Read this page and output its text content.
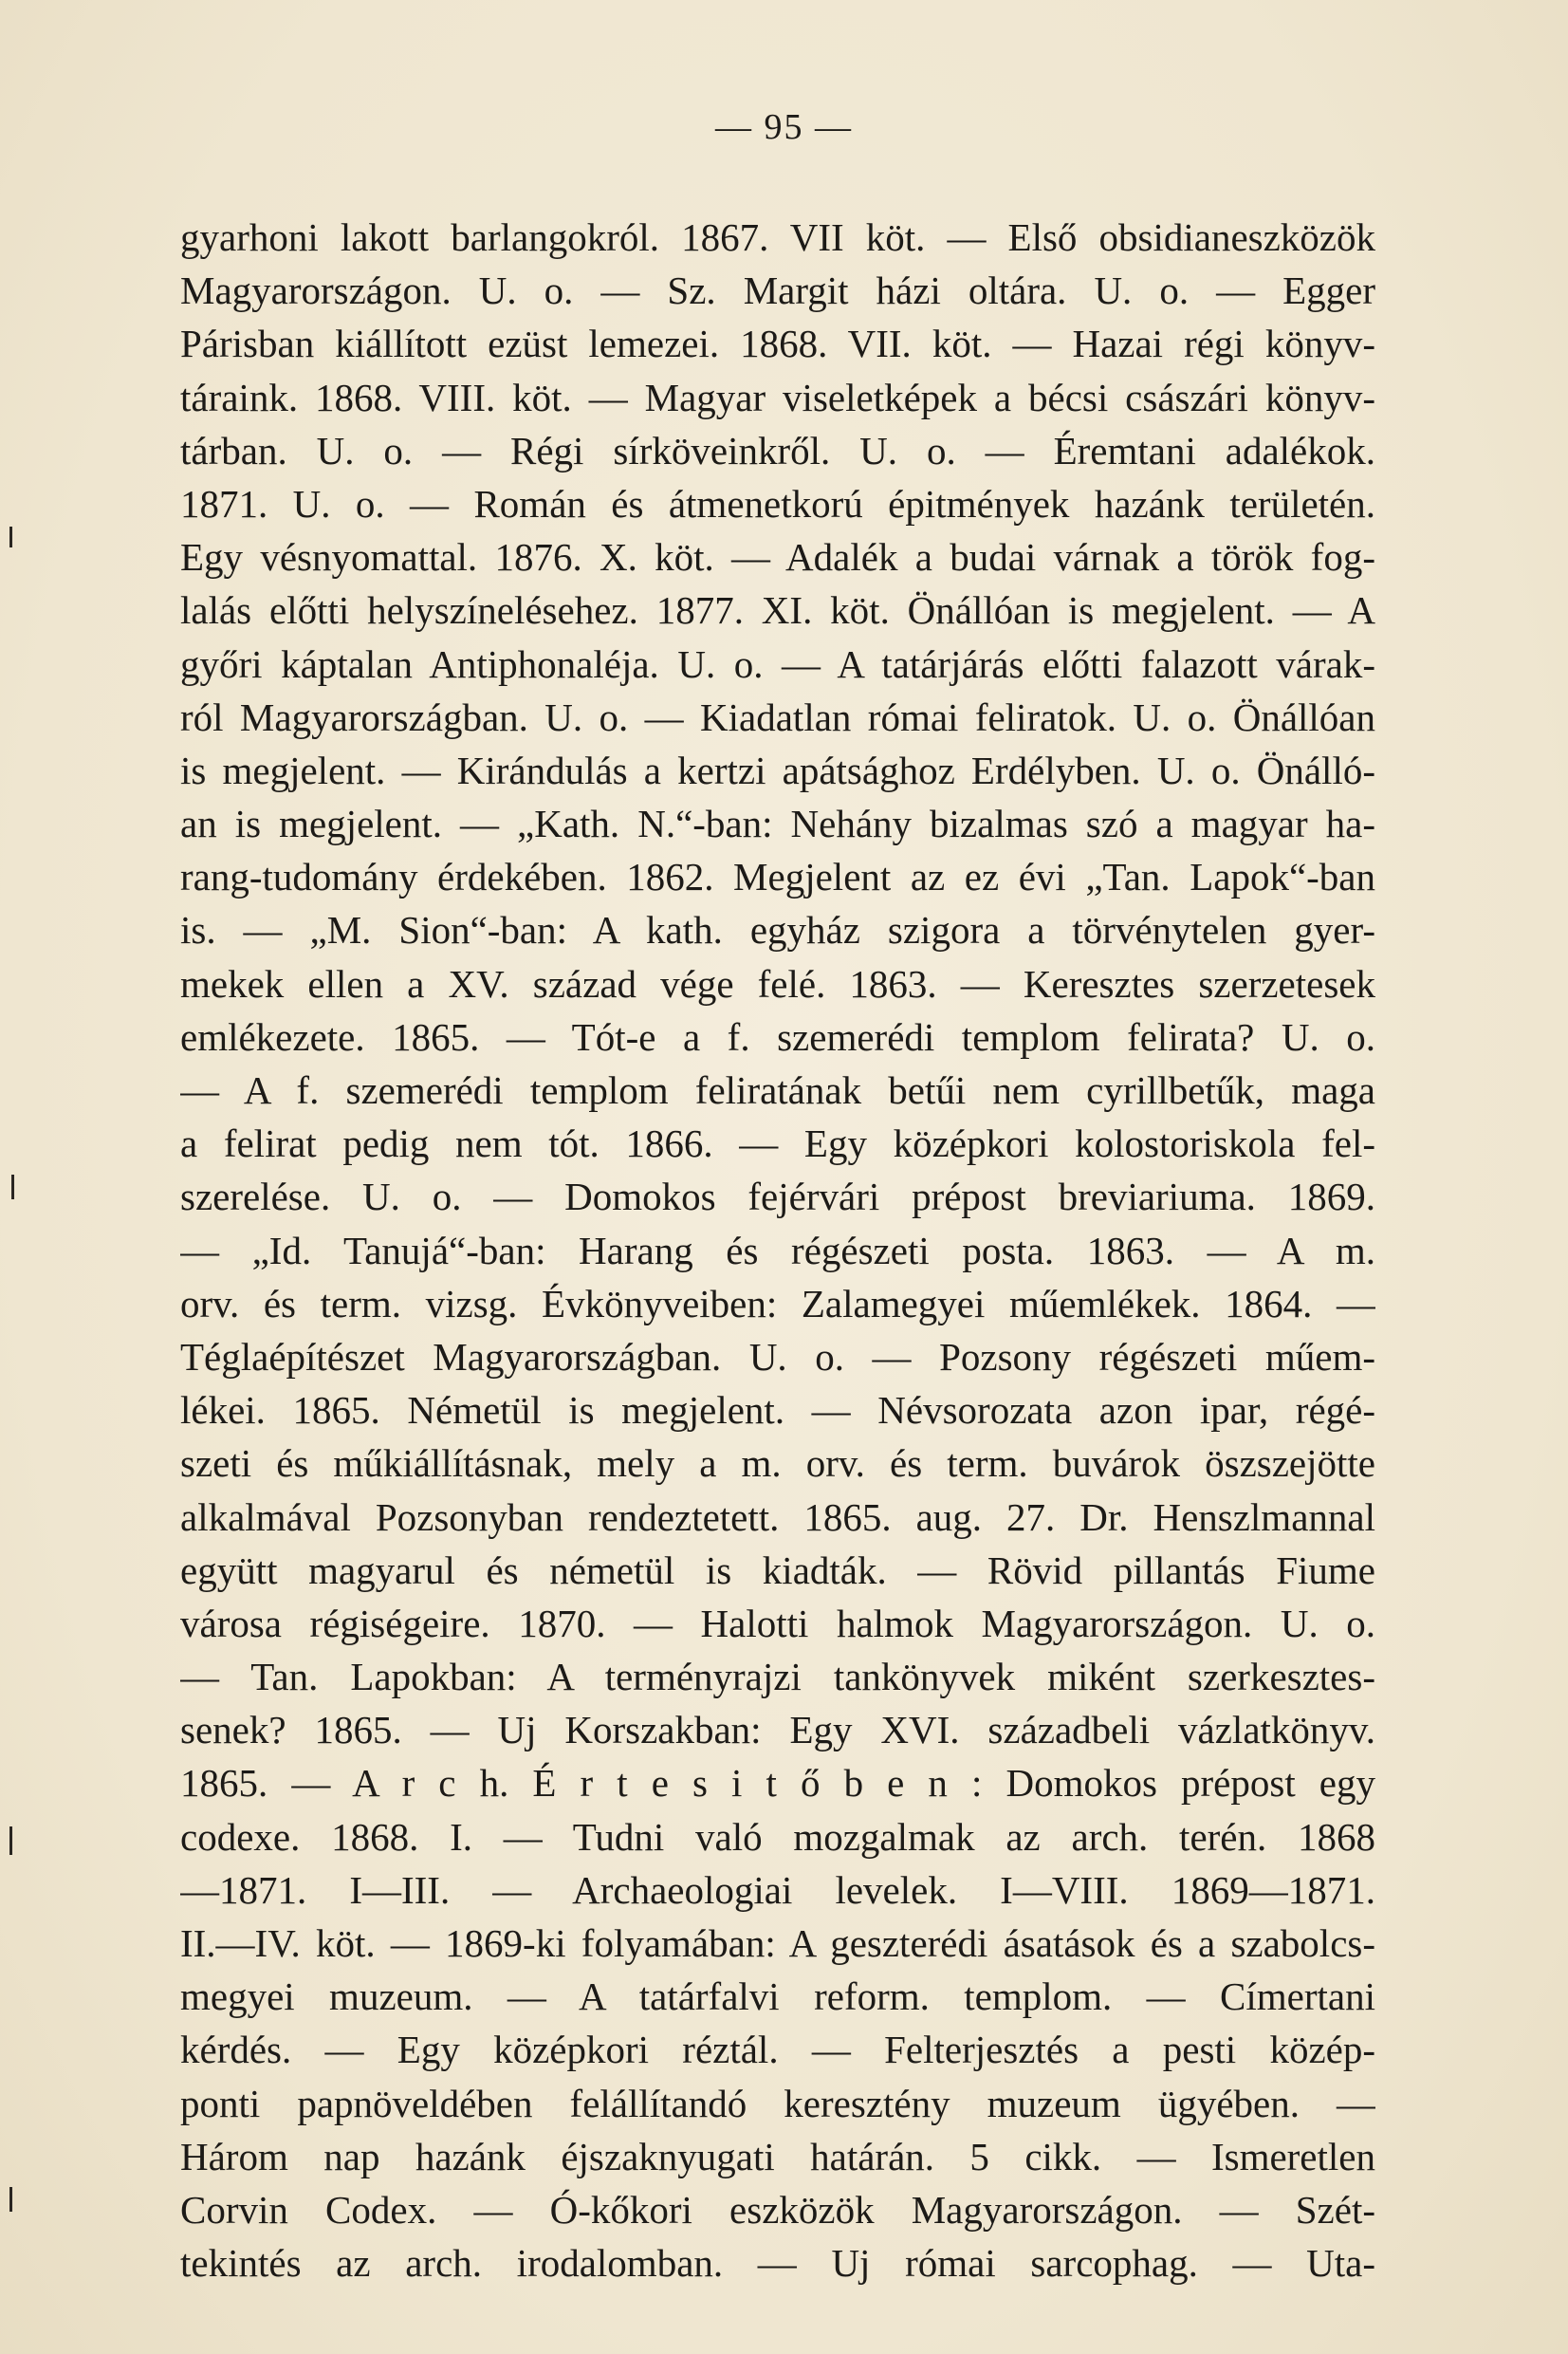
— 95 —
gyarhoni lakott barlangokról. 1867. VII köt. — Első obsidianeszközök
Magyarországon. U. o. — Sz. Margit házi oltára. U. o. — Egger
Párisban kiállított ezüst lemezei. 1868. VII. köt. — Hazai régi könyv-
táraink. 1868. VIII. köt. — Magyar viseletképek a bécsi császári könyv-
tárban. U. o. — Régi sírköveinkről. U. o. — Éremtani adalékok.
1871. U. o. — Román és átmenetkorú épitmények hazánk területén.
Egy vésnyomattal. 1876. X. köt. — Adalék a budai várnak a török fog-
lalás előtti helyszínelésehez. 1877. XI. köt. Önállóan is megjelent. — A
győri káptalan Antiphonaléja. U. o. — A tatárjárás előtti falazott várak-
ról Magyarországban. U. o. — Kiadatlan római feliratok. U. o. Önállóan
is megjelent. — Kirándulás a kertzi apátsághoz Erdélyben. U. o. Önálló-
an is megjelent. — „Kath. N.“-ban: Nehány bizalmas szó a magyar ha-
rang-tudomány érdekében. 1862. Megjelent az ez évi „Tan. Lapok“-ban
is. — „M. Sion“-ban: A kath. egyház szigora a törvénytelen gyer-
mekek ellen a XV. század vége felé. 1863. — Keresztes szerzetesek
emlékezete. 1865. — Tót-e a f. szemerédi templom felirata? U. o.
— A f. szemerédi templom feliratának betűi nem cyrillbetűk, maga
a felirat pedig nem tót. 1866. — Egy középkori kolostoriskola fel-
szerelése. U. o. — Domokos fejérvári prépost breviariuma. 1869.
— „Id. Tanujá“-ban: Harang és régészeti posta. 1863. — A m.
orv. és term. vizsg. Évkönyveiben: Zalamegyei műemlékek. 1864. —
Téglaépítészet Magyarországban. U. o. — Pozsony régészeti műem-
lékei. 1865. Németül is megjelent. — Névsorozata azon ipar, régé-
szeti és műkiállításnak, mely a m. orv. és term. buvárok öszszejötte
alkalmával Pozsonyban rendeztetett. 1865. aug. 27. Dr. Henszlmannal
együtt magyarul és németül is kiadták. — Rövid pillantás Fiume
városa régiségeire. 1870. — Halotti halmok Magyarországon. U. o.
— Tan. Lapokban: A terményrajzi tankönyvek miként szerkesztes-
senek? 1865. — Uj Korszakban: Egy XVI. századbeli vázlatkönyv.
1865. — A r c h. É r t e s i t ő b e n : Domokos prépost egy
codexe. 1868. I. — Tudni való mozgalmak az arch. terén. 1868
—1871. I—III. — Archaeologiai levelek. I—VIII. 1869—1871.
II.—IV. köt. — 1869-ki folyamában: A geszterédi ásatások és a szabolcs-
megyei muzeum. — A tatárfalvi reform. templom. — Címertani
kérdés. — Egy középkori réztál. — Felterjesztés a pesti közép-
ponti papnöveldében felállítandó keresztény muzeum ügyében. —
Három nap hazánk éjszaknyugati határán. 5 cikk. — Ismeretlen
Corvin Codex. — Ó-kőkori eszközök Magyarországon. — Szét-
tekintés az arch. irodalomban. — Uj római sarcophag. — Uta-
